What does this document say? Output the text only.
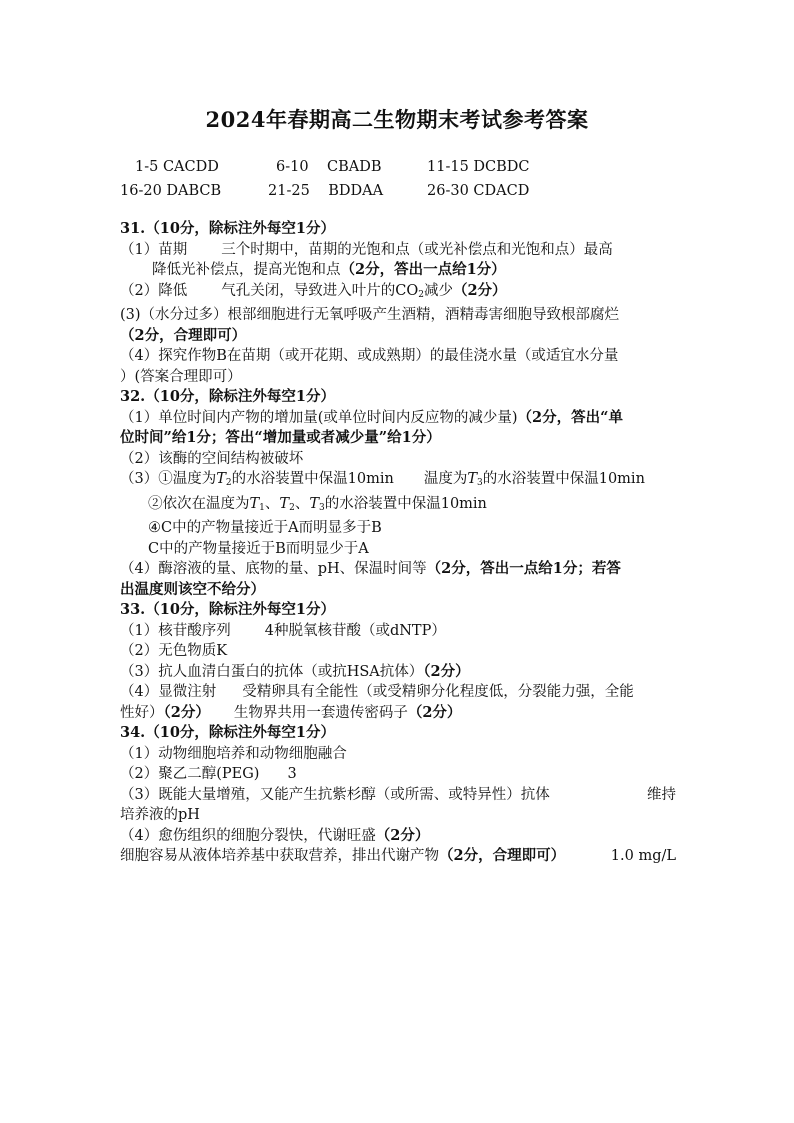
2024年春期高二生物期末考试参考答案
1-5 CACDD	6-10    CBADB	11-15 DCBDC
16-20 DABCB	21-25    BDDAA	26-30 CDACD
31.（10分，除标注外每空1分）
（1）苗期 三个时期中，苗期的光饱和点（或光补偿点和光饱和点）最高
降低光补偿点，提高光饱和点（2分，答出一点给1分）
（2）降低 气孔关闭，导致进入叶片的$CO_2$减少（2分）
(3)（水分过多）根部细胞进行无氧呼吸产生酒精，酒精毒害细胞导致根部腐烂
（2分，合理即可）
（4）探究作物B在苗期（或开花期、或成熟期）的最佳浇水量（或适宜水分量
）(答案合理即可）
32.（10分，除标注外每空1分）
（1）单位时间内产物的增加量(或单位时间内反应物的减少量)（2分，答出“单
位时间”给1分；答出“增加量或者减少量”给1分）
（2）该酶的空间结构被破坏
（3）①温度为$T_2$的水浴装置中保温10min 温度为$T_3$的水浴装置中保温10min
②依次在温度为$T_1$、$T_2$、$T_3$的水浴装置中保温10min
④C中的产物量接近于A而明显多于B
C中的产物量接近于B而明显少于A
（4）酶溶液的量、底物的量、pH、保温时间等（2分，答出一点给1分；若答
出温度则该空不给分）
33.（10分，除标注外每空1分）
（1）核苷酸序列 4种脱氧核苷酸（或dNTP）
（2）无色物质K
（3）抗人血清白蛋白的抗体（或抗HSA抗体）（2分）
（4）显微注射 受精卵具有全能性（或受精卵分化程度低，分裂能力强，全能
性好）（2分） 生物界共用一套遗传密码子（2分）
34.（10分，除标注外每空1分）
（1）动物细胞培养和动物细胞融合
（2）聚乙二醇(PEG) 3
（3）既能大量增殖，又能产生抗紫杉醇（或所需、或特异性）抗体	维持
培养液的pH
（4）愈伤组织的细胞分裂快，代谢旺盛（2分）
细胞容易从液体培养基中获取营养，排出代谢产物（2分，合理即可）	1.0 mg/L
